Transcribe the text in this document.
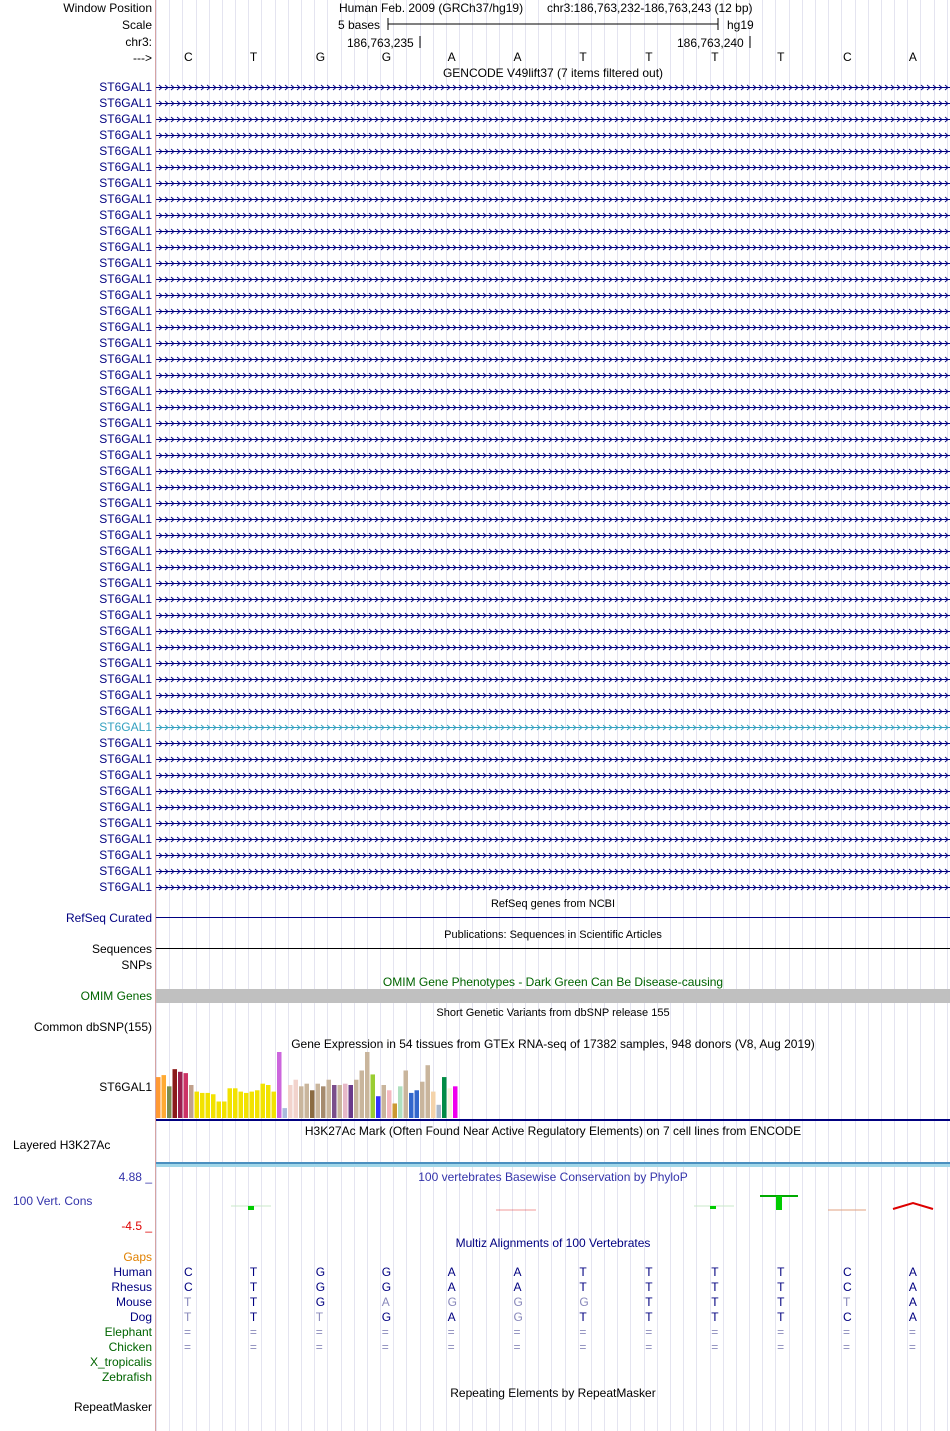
Window Position
Scale
chr3:
--->
ST6GAL1
ST6GAL1
ST6GAL1
ST6GAL1
ST6GAL1
ST6GAL1
ST6GAL1
ST6GAL1
ST6GAL1
ST6GAL1
ST6GAL1
ST6GAL1
ST6GAL1
ST6GAL1
ST6GAL1
ST6GAL1
ST6GAL1
ST6GAL1
ST6GAL1
ST6GAL1
ST6GAL1
ST6GAL1
ST6GAL1
ST6GAL1
ST6GAL1
ST6GAL1
ST6GAL1
ST6GAL1
ST6GAL1
ST6GAL1
ST6GAL1
ST6GAL1
ST6GAL1
ST6GAL1
ST6GAL1
ST6GAL1
ST6GAL1
ST6GAL1
ST6GAL1
ST6GAL1
ST6GAL1
ST6GAL1
ST6GAL1
ST6GAL1
ST6GAL1
ST6GAL1
ST6GAL1
ST6GAL1
ST6GAL1
ST6GAL1
ST6GAL1
RefSeq Curated
Sequences
SNPs
OMIM Genes
Common dbSNP(155)
ST6GAL1
Layered H3K27Ac
4.88 _
100 Vert. Cons
-4.5 _
Gaps
Human
Rhesus
Mouse
Dog
Elephant
Chicken
X_tropicalis
Zebrafish
RepeatMasker
Human Feb. 2009 (GRCh37/hg19) chr3:186,763,232-186,763,243 (12 bp)
5 bases	hg19
186,763,235	186,763,240
C	T	G	G	A	A	T	T	T	T	C	A
GENCODE V49lift37 (7 items filtered out)
RefSeq genes from NCBI
Publications: Sequences in Scientific Articles
OMIM Gene Phenotypes - Dark Green Can Be Disease-causing
Short Genetic Variants from dbSNP release 155
Gene Expression in 54 tissues from GTEx RNA-seq of 17382 samples, 948 donors (V8, Aug 2019)
H3K27Ac Mark (Often Found Near Active Regulatory Elements) on 7 cell lines from ENCODE
100 vertebrates Basewise Conservation by PhyloP
Multiz Alignments of 100 Vertebrates
C	T	G	G	A	A	T	T	T	T	C	A
C	T	G	G	A	A	T	T	T	T	C	A
T	T	G	A	G	G	G	T	T	T	T	A
T	T	T	G	A	G	T	T	T	T	C	A
=	=	=	=	=	=	=	=	=	=	=	=
=	=	=	=	=	=	=	=	=	=	=	=
Repeating Elements by RepeatMasker
